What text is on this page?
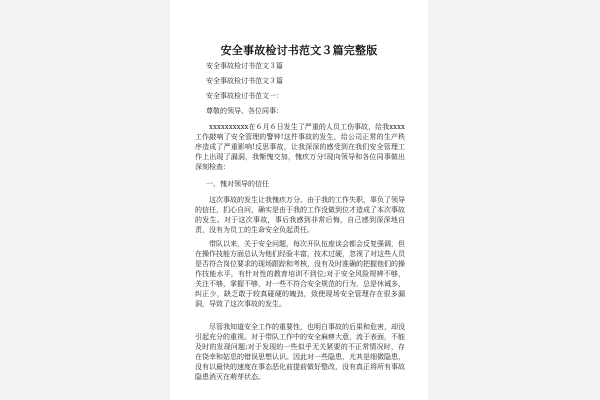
安全事故检讨书范文３篇完整版
安全事故检讨书范文３篇
安全事故检讨书范文３篇
安全事故检讨书范文一：
尊敬的领导、各位同事：
xxxxxxxxxx在６月６日发生了严重的人员工伤事故，给我xxxx工作敲响了安全管理的警钟!这件事故的发生，给公司正常的生产秩序造成了严重影响!反思事故，让我深深的感受到在我们安全管理工作上出现了漏洞，我惭愧交加，愧疚万分!现向领导和各位同事做出深刻检查：
一、愧对领导的信任
这次事故的发生让我愧疚万分。由于我的工作失职，辜负了领导的信任，扪心自问，确实是由于我的工作没做到位才造成了本次事故的发生。对于这次事故，事后我感到非常后悔，自己感到深深地自责，没有为员工的生命安全负起责任。
带队以来，关于安全问题，每次开队伍座谈会都会反复强调，但在操作技能方面总认为他们经验丰富，技术过硬，忽视了对这些人员是否符合岗位要求的现场跟踪和考核，没有及时准确的把握他们的操作技能水平，有针对性的教育培训不到位;对于安全风险规辨不够，关注不够，掌握不够，对一些不符合安全规范的行为，总是休诫多，纠正少，缺乏敢于较真碰硬的魄劲，致使现场安全管理存在很多漏洞，导致了这次事故的发生。
尽管我知道安全工作的重要性，也明白事故的后果和危害，却没引起充分的重视。对于带队工作中的安全麻痹大意，流于表面，不能及时的发现问题;对于发现的一些似乎无关紧要的不正常情况时，存在侥幸和姑息的错误思想认识。因此对一些隐患，尤其是细微隐患，没有以最快的速度在事态恶化前提前做好整改，没有真正将所有事故隐患消灭在萌芽状态。
